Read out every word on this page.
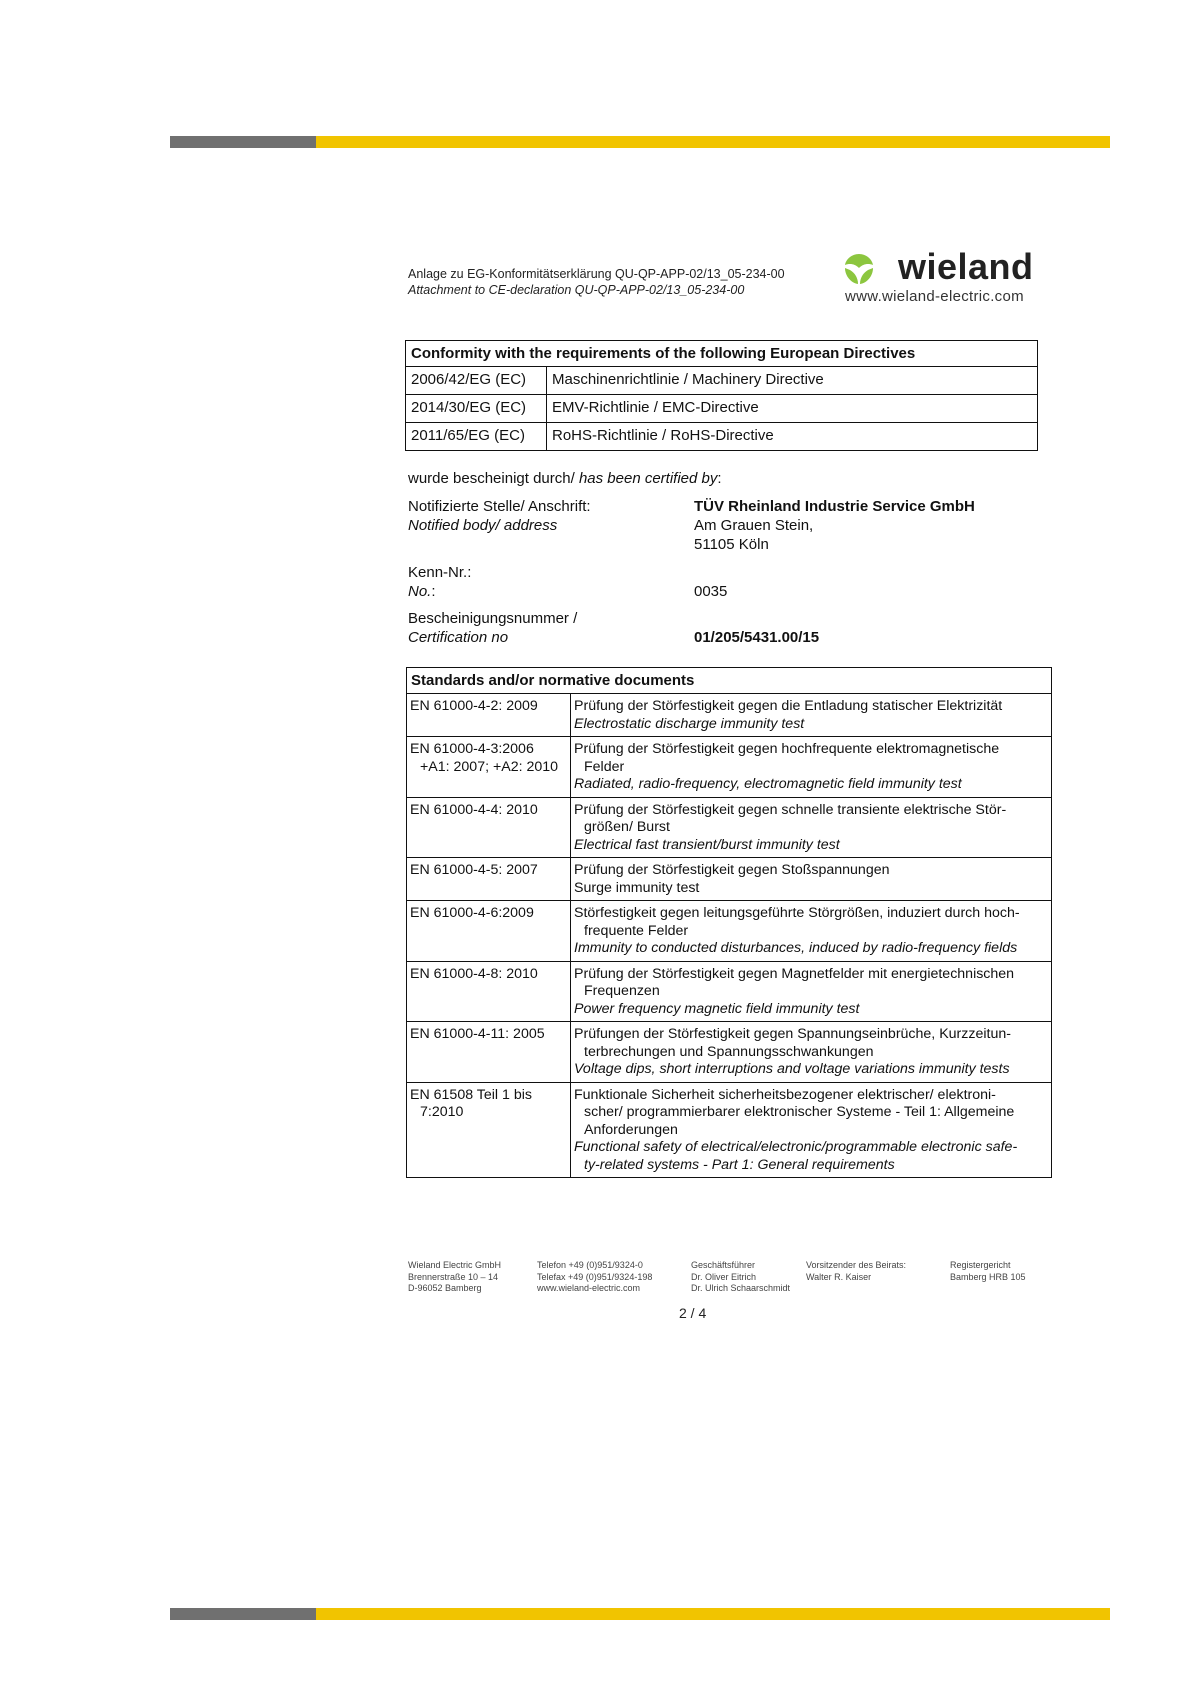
Anlage zu EG-Konformitätserklärung QU-QP-APP-02/13_05-234-00
Attachment to CE-declaration QU-QP-APP-02/13_05-234-00
W wieland
www.wieland-electric.com
Conformity with the requirements of the following European Directives	
2006/42/EG (EC)	Maschinenrichtlinie / Machinery Directive
2014/30/EG (EC)	EMV-Richtlinie / EMC-Directive
2011/65/EG (EC)	RoHS-Richtlinie / RoHS-Directive
wurde bescheinigt durch/ has been certified by:
Notifizierte Stelle/ Anschrift:
Notified body/ address
TÜV Rheinland Industrie Service GmbH
Am Grauen Stein,
51105 Köln
Kenn-Nr.:
No.:	0035
Bescheinigungsnummer /
Certification no	01/205/5431.00/15
Standards and/or normative documents	
EN 61000-4-2: 2009	Prüfung der Störfestigkeit gegen die Entladung statischer Elektrizität
Electrostatic discharge immunity test
EN 61000-4-3:2006
+A1: 2007; +A2: 2010	Prüfung der Störfestigkeit gegen hochfrequente elektromagnetische
Felder
Radiated, radio-frequency, electromagnetic field immunity test
EN 61000-4-4: 2010	Prüfung der Störfestigkeit gegen schnelle transiente elektrische Stör-
größen/ Burst
Electrical fast transient/burst immunity test
EN 61000-4-5: 2007	Prüfung der Störfestigkeit gegen Stoßspannungen
Surge immunity test
EN 61000-4-6:2009	Störfestigkeit gegen leitungsgeführte Störgrößen, induziert durch hoch-
frequente Felder
Immunity to conducted disturbances, induced by radio-frequency fields
EN 61000-4-8: 2010	Prüfung der Störfestigkeit gegen Magnetfelder mit energietechnischen
Frequenzen
Power frequency magnetic field immunity test
EN 61000-4-11: 2005	Prüfungen der Störfestigkeit gegen Spannungseinbrüche, Kurzzeitun-
terbrechungen und Spannungsschwankungen
Voltage dips, short interruptions and voltage variations immunity tests
EN 61508 Teil 1 bis
7:2010	Funktionale Sicherheit sicherheitsbezogener elektrischer/ elektroni-
scher/ programmierbarer elektronischer Systeme - Teil 1: Allgemeine
Anforderungen
Functional safety of electrical/electronic/programmable electronic safe-
ty-related systems - Part 1: General requirements
Wieland Electric GmbH
Brennerstraße 10 – 14
D-96052 Bamberg
Telefon +49 (0)951/9324-0
Telefax +49 (0)951/9324-198
www.wieland-electric.com
Geschäftsführer
Dr. Oliver Eitrich
Dr. Ulrich Schaarschmidt
Vorsitzender des Beirats:
Walter R. Kaiser
Registergericht
Bamberg HRB 105
2 / 4
